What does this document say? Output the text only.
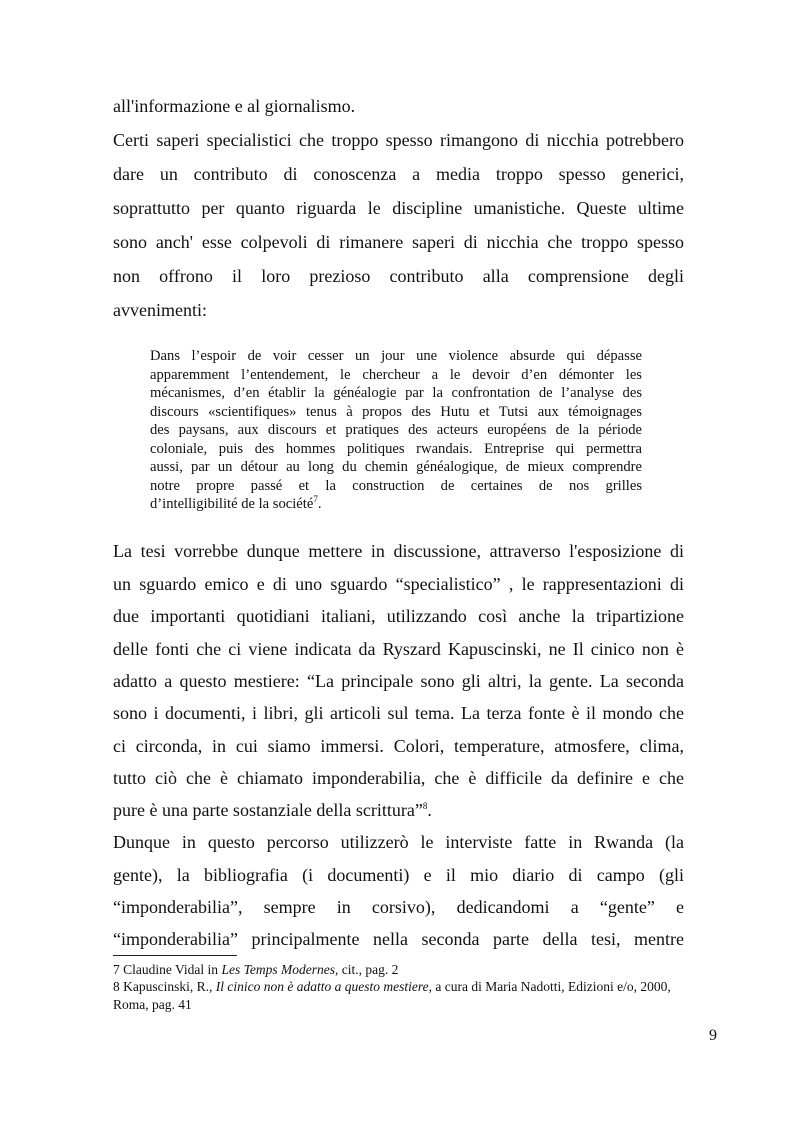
all'informazione e al giornalismo.
Certi saperi specialistici che troppo spesso rimangono di nicchia potrebbero
dare un contributo di conoscenza a media troppo spesso generici,
soprattutto per quanto riguarda le discipline umanistiche. Queste ultime
sono anch' esse colpevoli di rimanere saperi di nicchia che troppo spesso
non offrono il loro prezioso contributo alla comprensione degli
avvenimenti:
Dans l’espoir de voir cesser un jour une violence absurde qui dépasse
apparemment l’entendement, le chercheur a le devoir d’en démonter les
mécanismes, d’en établir la généalogie par la confrontation de l’analyse des
discours «scientifiques» tenus à propos des Hutu et Tutsi aux témoignages
des paysans, aux discours et pratiques des acteurs européens de la période
coloniale, puis des hommes politiques rwandais. Entreprise qui permettra
aussi, par un détour au long du chemin généalogique, de mieux comprendre
notre propre passé et la construction de certaines de nos grilles
d’intelligibilité de la société$^7$.
La tesi vorrebbe dunque mettere in discussione, attraverso l'esposizione di
un sguardo emico e di uno sguardo “specialistico” , le rappresentazioni di
due importanti quotidiani italiani, utilizzando così anche la tripartizione
delle fonti che ci viene indicata da Ryszard Kapuscinski, ne Il cinico non è
adatto a questo mestiere: “La principale sono gli altri, la gente. La seconda
sono i documenti, i libri, gli articoli sul tema. La terza fonte è il mondo che
ci circonda, in cui siamo immersi. Colori, temperature, atmosfere, clima,
tutto ciò che è chiamato imponderabilia, che è difficile da definire e che
pure è una parte sostanziale della scrittura”$^8$.
Dunque in questo percorso utilizzerò le interviste fatte in Rwanda (la
gente), la bibliografia (i documenti) e il mio diario di campo (gli
“imponderabilia”, sempre in corsivo), dedicandomi a “gente” e
“imponderabilia” principalmente nella seconda parte della tesi, mentre
7 Claudine Vidal in Les Temps Modernes, cit., pag. 2
8 Kapuscinski, R., Il cinico non è adatto a questo mestiere, a cura di Maria Nadotti, Edizioni e/o, 2000,
Roma, pag. 41
9
